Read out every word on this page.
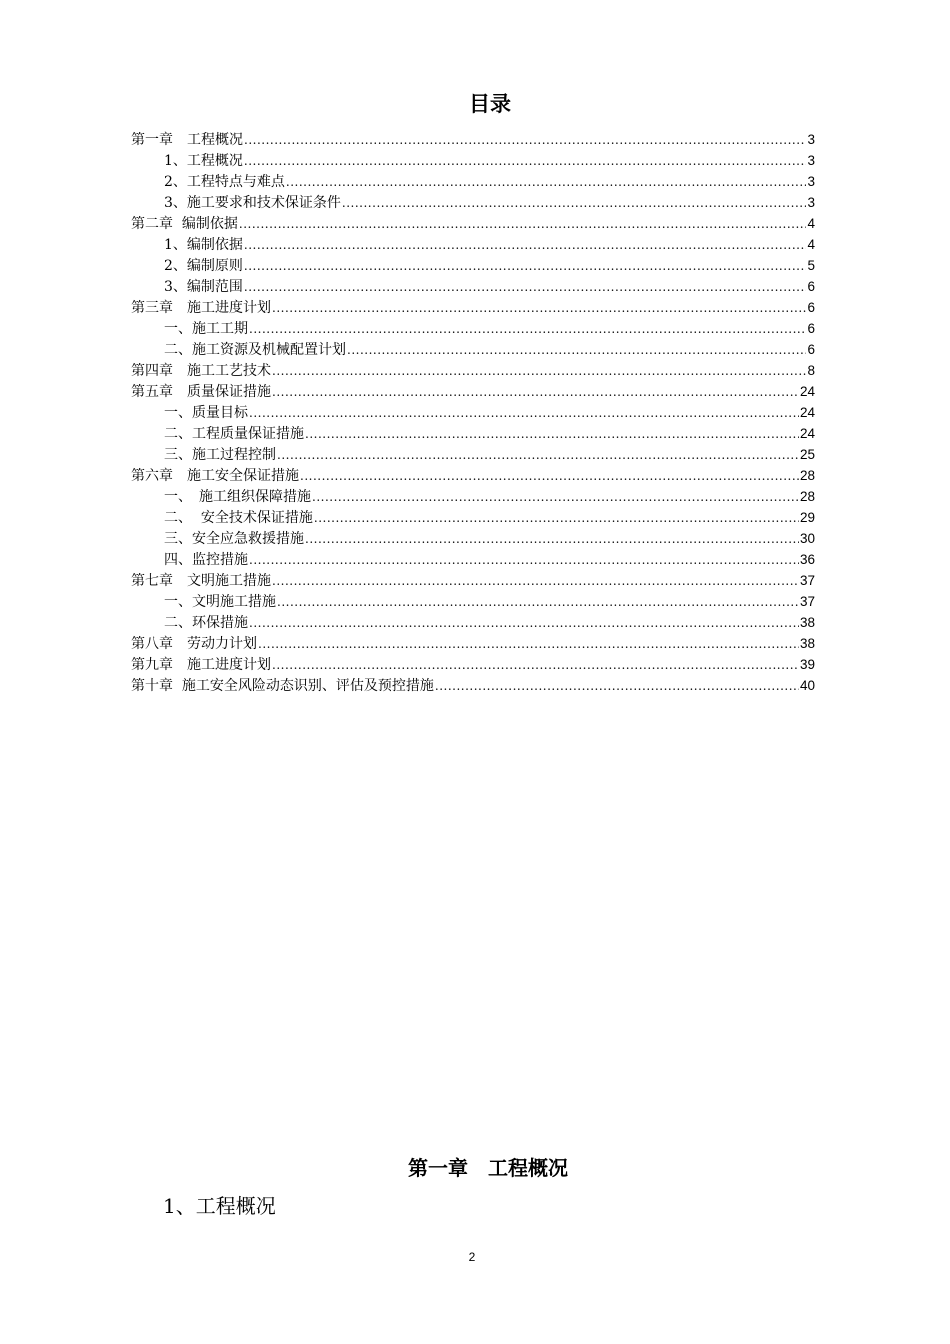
目录
第一章　工程概况 .....	3
1、工程概况 .....	3
2、工程特点与难点 .....	3
3、施工要求和技术保证条件 .....	3
第二章  编制依据 .....	4
1、编制依据 .....	4
2、编制原则 .....	5
3、编制范围 .....	6
第三章　施工进度计划 .....	6
一、施工工期 .....	6
二、施工资源及机械配置计划 .....	6
第四章　施工工艺技术 .....	8
第五章　质量保证措施 .....	24
一、质量目标 .....	24
二、工程质量保证措施 .....	24
三、施工过程控制 .....	25
第六章　施工安全保证措施 .....	28
一、　施工组织保障措施 .....	28
二、  安全技术保证措施 .....	29
三、安全应急救援措施 .....	30
四、监控措施 .....	36
第七章　文明施工措施 .....	37
一、文明施工措施 .....	37
二、环保措施 .....	38
第八章　劳动力计划 .....	38
第九章　施工进度计划 .....	39
第十章  施工安全风险动态识别、评估及预控措施 .....	40
第一章　工程概况
1、工程概况
2
